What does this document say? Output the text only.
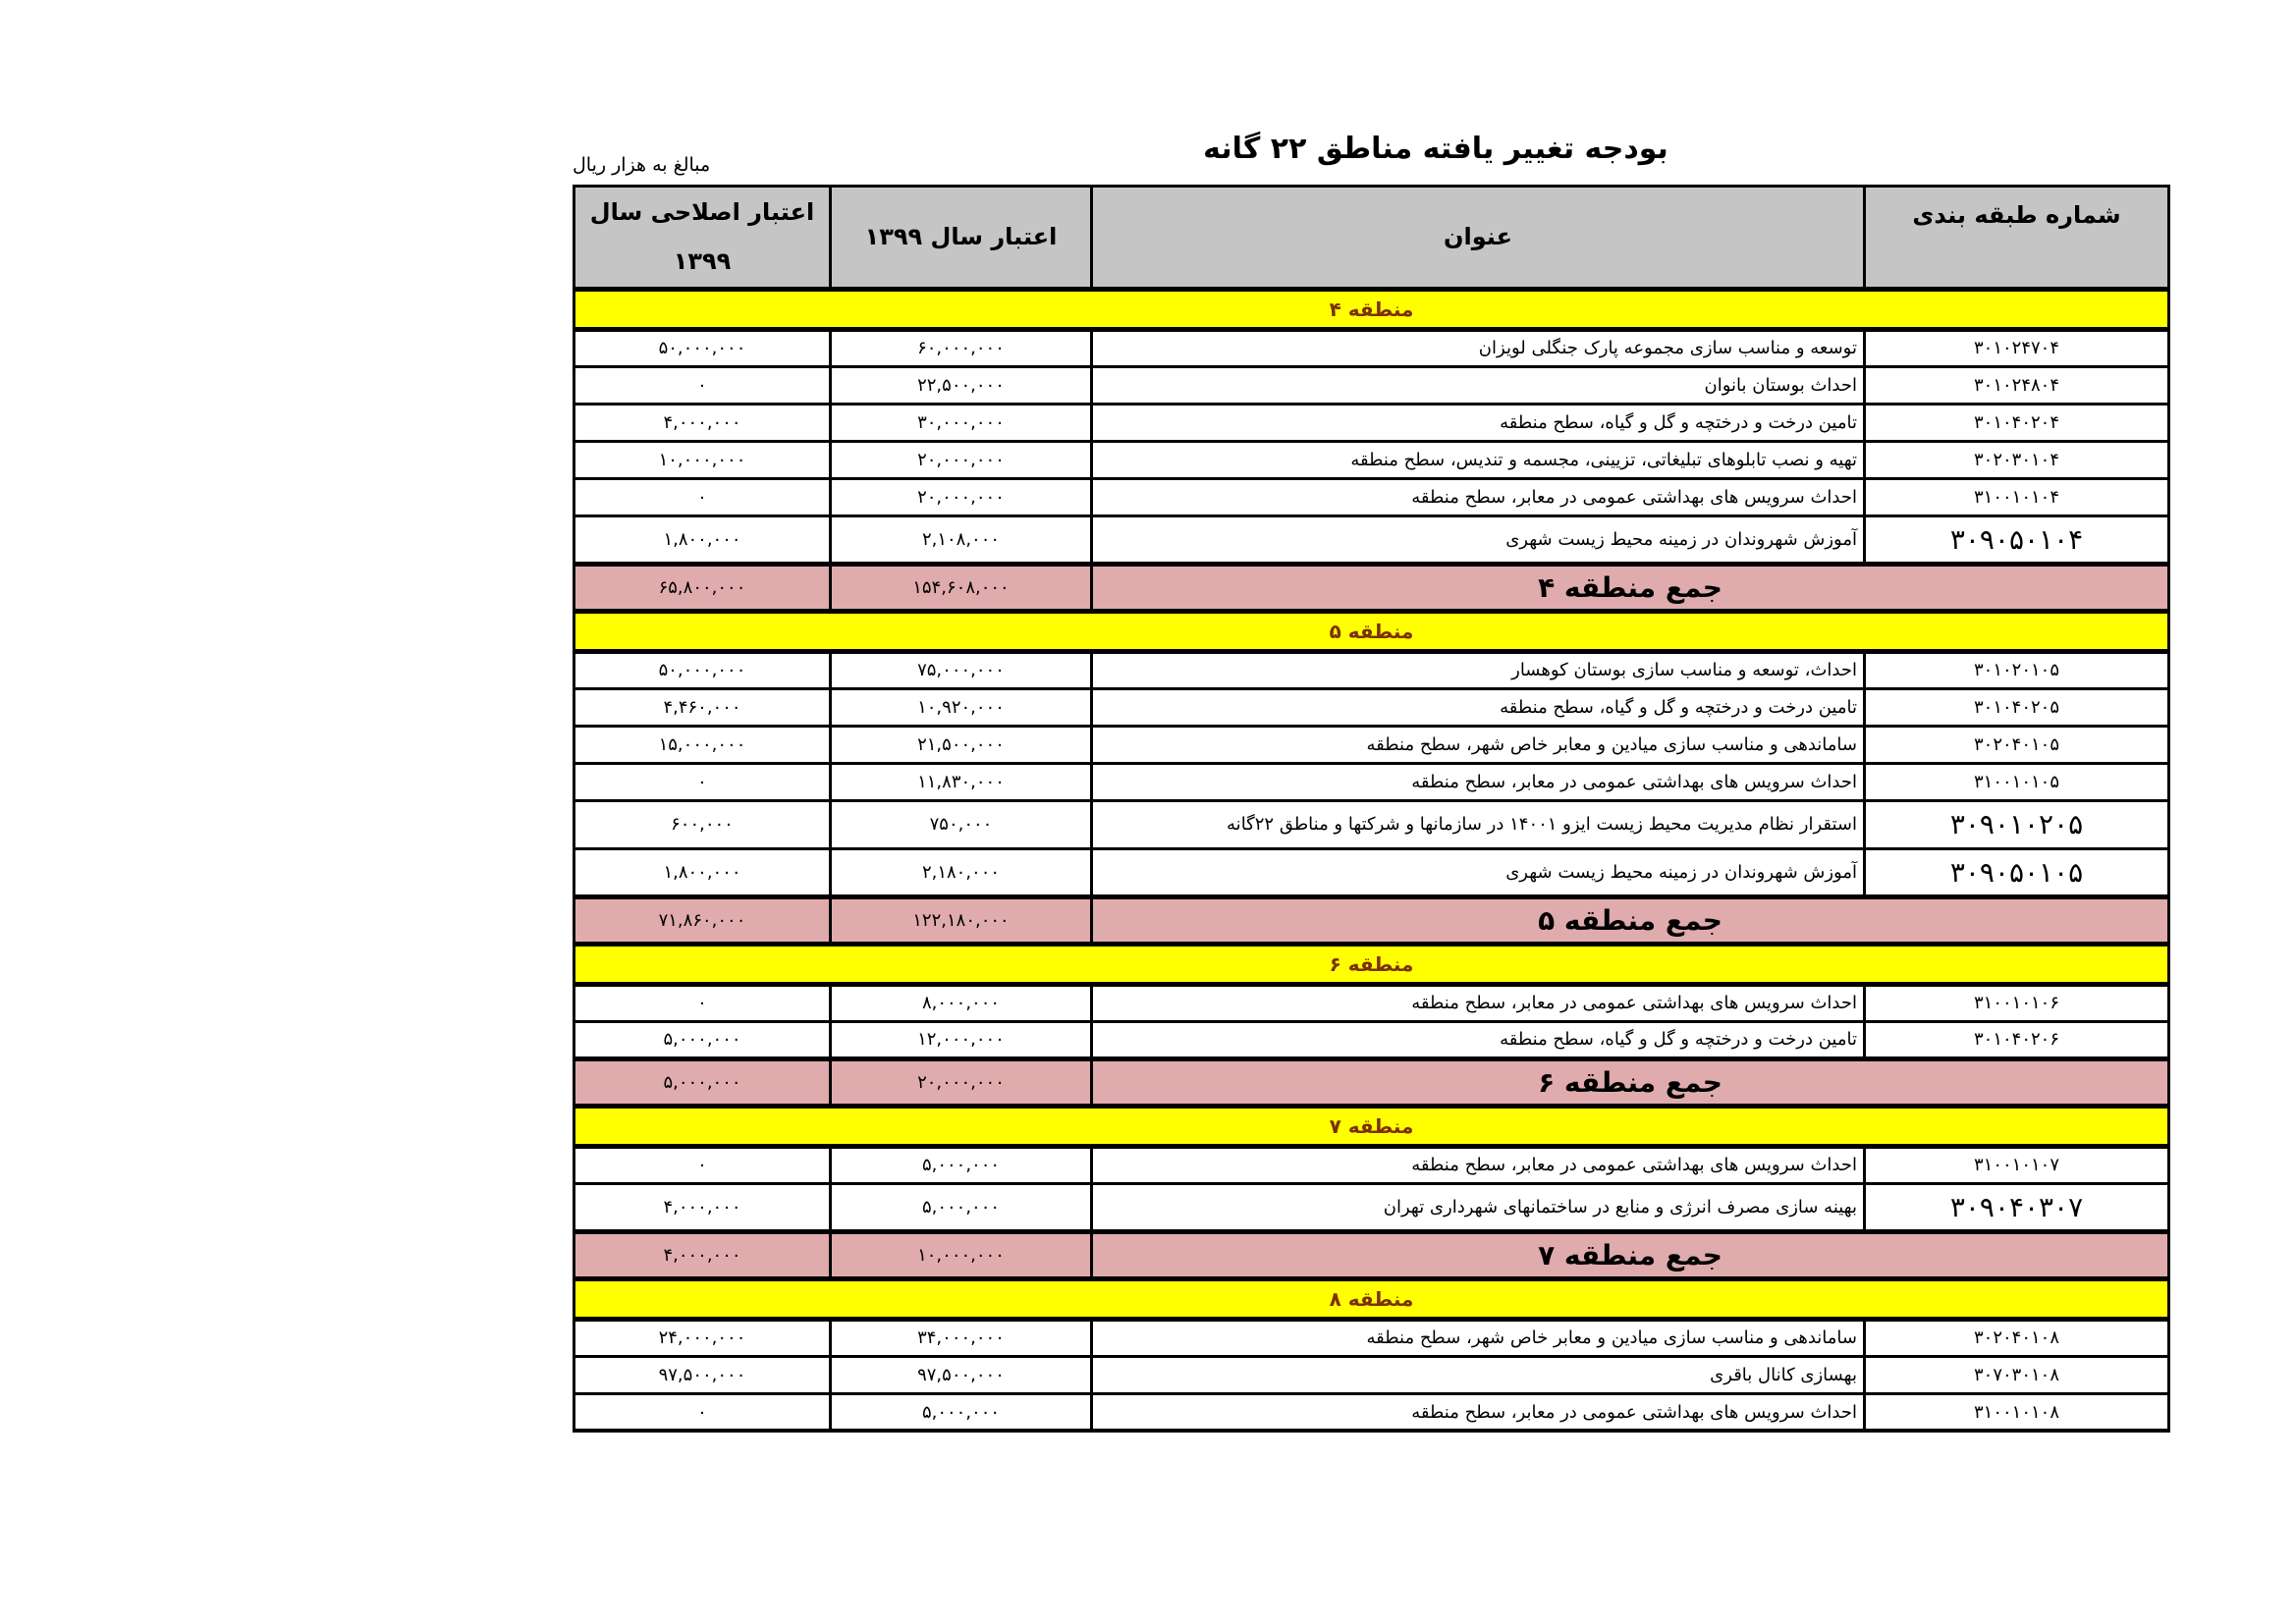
مبالغ به هزار ریال	بودجه تغییر یافته مناطق ۲۲ گانه
شماره طبقه بندی	عنوان	اعتبار سال ۱۳۹۹	اعتبار اصلاحی سال
۱۳۹۹

منطقه ۴			
۳۰۱۰۲۴۷۰۴	توسعه و مناسب سازی مجموعه پارک جنگلی لویزان	۶۰,۰۰۰,۰۰۰	۵۰,۰۰۰,۰۰۰
۳۰۱۰۲۴۸۰۴	احداث بوستان بانوان	۲۲,۵۰۰,۰۰۰	۰
۳۰۱۰۴۰۲۰۴	تامین درخت و درختچه و گل و گیاه، سطح منطقه	۳۰,۰۰۰,۰۰۰	۴,۰۰۰,۰۰۰
۳۰۲۰۳۰۱۰۴	تهیه و نصب تابلوهای تبلیغاتی، تزیینی، مجسمه و تندیس، سطح منطقه	۲۰,۰۰۰,۰۰۰	۱۰,۰۰۰,۰۰۰
۳۱۰۰۱۰۱۰۴	احداث سرویس های بهداشتی عمومی در معابر، سطح منطقه	۲۰,۰۰۰,۰۰۰	۰
۳۰۹۰۵۰۱۰۴	آموزش شهروندان در زمینه محیط زیست شهری	۲,۱۰۸,۰۰۰	۱,۸۰۰,۰۰۰
جمع منطقه ۴		۱۵۴,۶۰۸,۰۰۰	۶۵,۸۰۰,۰۰۰
منطقه ۵			
۳۰۱۰۲۰۱۰۵	احداث، توسعه و مناسب سازی بوستان کوهسار	۷۵,۰۰۰,۰۰۰	۵۰,۰۰۰,۰۰۰
۳۰۱۰۴۰۲۰۵	تامین درخت و درختچه و گل و گیاه، سطح منطقه	۱۰,۹۲۰,۰۰۰	۴,۴۶۰,۰۰۰
۳۰۲۰۴۰۱۰۵	ساماندهی و مناسب سازی میادین و معابر خاص شهر، سطح منطقه	۲۱,۵۰۰,۰۰۰	۱۵,۰۰۰,۰۰۰
۳۱۰۰۱۰۱۰۵	احداث سرویس های بهداشتی عمومی در معابر، سطح منطقه	۱۱,۸۳۰,۰۰۰	۰
۳۰۹۰۱۰۲۰۵	استقرار نظام مدیریت محیط زیست ایزو ۱۴۰۰۱ در سازمانها و شرکتها و مناطق ۲۲گانه	۷۵۰,۰۰۰	۶۰۰,۰۰۰
۳۰۹۰۵۰۱۰۵	آموزش شهروندان در زمینه محیط زیست شهری	۲,۱۸۰,۰۰۰	۱,۸۰۰,۰۰۰
جمع منطقه ۵		۱۲۲,۱۸۰,۰۰۰	۷۱,۸۶۰,۰۰۰
منطقه ۶			
۳۱۰۰۱۰۱۰۶	احداث سرویس های بهداشتی عمومی در معابر، سطح منطقه	۸,۰۰۰,۰۰۰	۰
۳۰۱۰۴۰۲۰۶	تامین درخت و درختچه و گل و گیاه، سطح منطقه	۱۲,۰۰۰,۰۰۰	۵,۰۰۰,۰۰۰
جمع منطقه ۶		۲۰,۰۰۰,۰۰۰	۵,۰۰۰,۰۰۰
منطقه ۷			
۳۱۰۰۱۰۱۰۷	احداث سرویس های بهداشتی عمومی در معابر، سطح منطقه	۵,۰۰۰,۰۰۰	۰
۳۰۹۰۴۰۳۰۷	بهینه سازی مصرف انرژی و منابع در ساختمانهای شهرداری تهران	۵,۰۰۰,۰۰۰	۴,۰۰۰,۰۰۰
جمع منطقه ۷		۱۰,۰۰۰,۰۰۰	۴,۰۰۰,۰۰۰
منطقه ۸			
۳۰۲۰۴۰۱۰۸	ساماندهی و مناسب سازی میادین و معابر خاص شهر، سطح منطقه	۳۴,۰۰۰,۰۰۰	۲۴,۰۰۰,۰۰۰
۳۰۷۰۳۰۱۰۸	بهسازی کانال باقری	۹۷,۵۰۰,۰۰۰	۹۷,۵۰۰,۰۰۰
۳۱۰۰۱۰۱۰۸	احداث سرویس های بهداشتی عمومی در معابر، سطح منطقه	۵,۰۰۰,۰۰۰	۰
